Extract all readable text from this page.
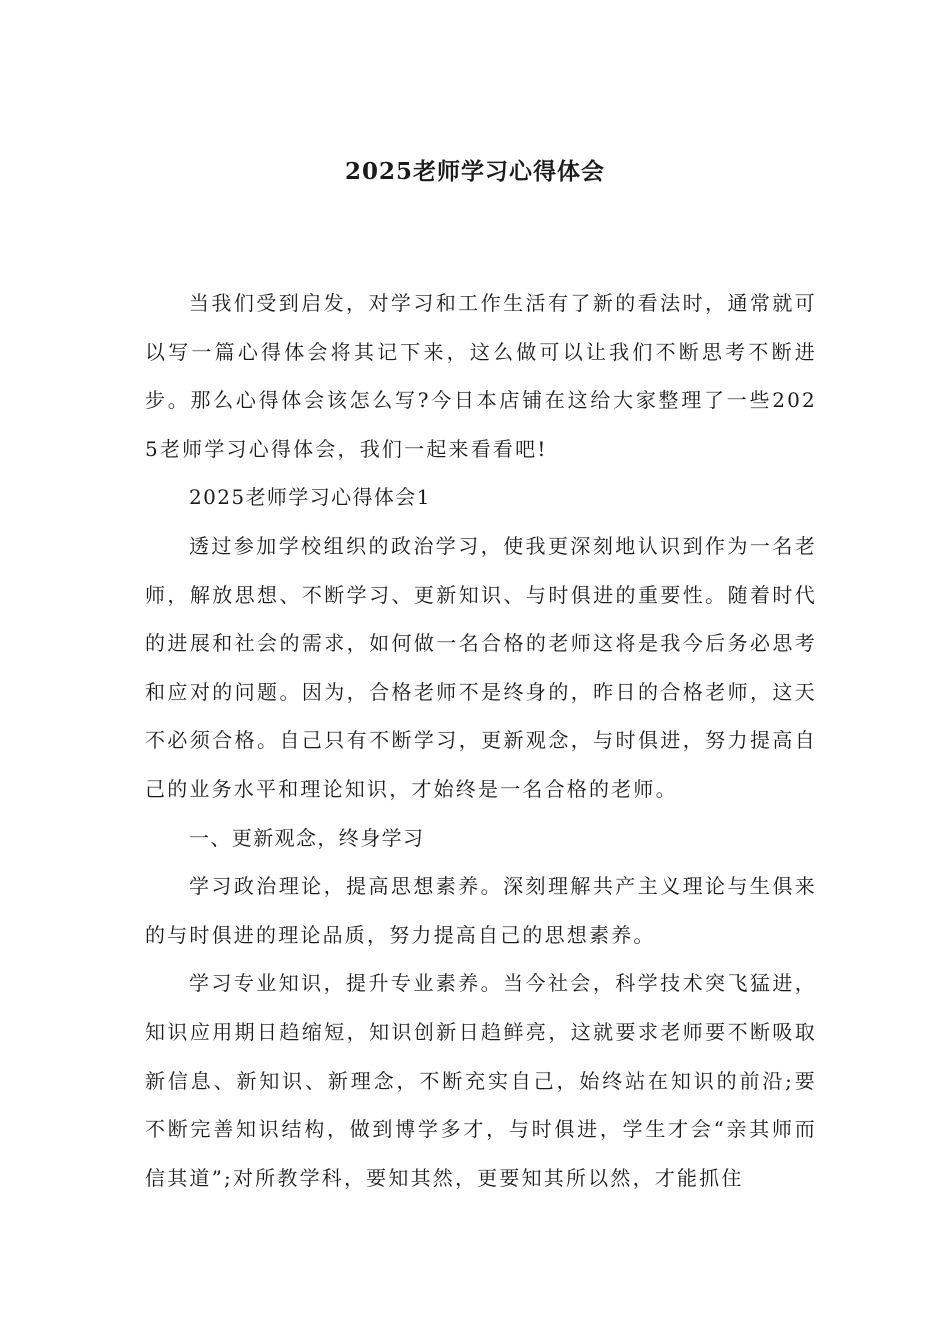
2025老师学习心得体会

当我们受到启发，对学习和工作生活有了新的看法时，通常就可以写一篇心得体会将其记下来，这么做可以让我们不断思考不断进步。那么心得体会该怎么写?今日本店铺在这给大家整理了一些2025老师学习心得体会，我们一起来看看吧!

2025老师学习心得体会1

透过参加学校组织的政治学习，使我更深刻地认识到作为一名老师，解放思想、不断学习、更新知识、与时俱进的重要性。随着时代的进展和社会的需求，如何做一名合格的老师这将是我今后务必思考和应对的问题。因为，合格老师不是终身的，昨日的合格老师，这天不必须合格。自己只有不断学习，更新观念，与时俱进，努力提高自己的业务水平和理论知识，才始终是一名合格的老师。

一、更新观念，终身学习

学习政治理论，提高思想素养。深刻理解共产主义理论与生俱来的与时俱进的理论品质，努力提高自己的思想素养。

学习专业知识，提升专业素养。当今社会，科学技术突飞猛进，知识应用期日趋缩短，知识创新日趋鲜亮，这就要求老师要不断吸取新信息、新知识、新理念，不断充实自己，始终站在知识的前沿;要不断完善知识结构，做到博学多才，与时俱进，学生才会“亲其师而信其道”;对所教学科，要知其然，更要知其所以然，才能抓住
